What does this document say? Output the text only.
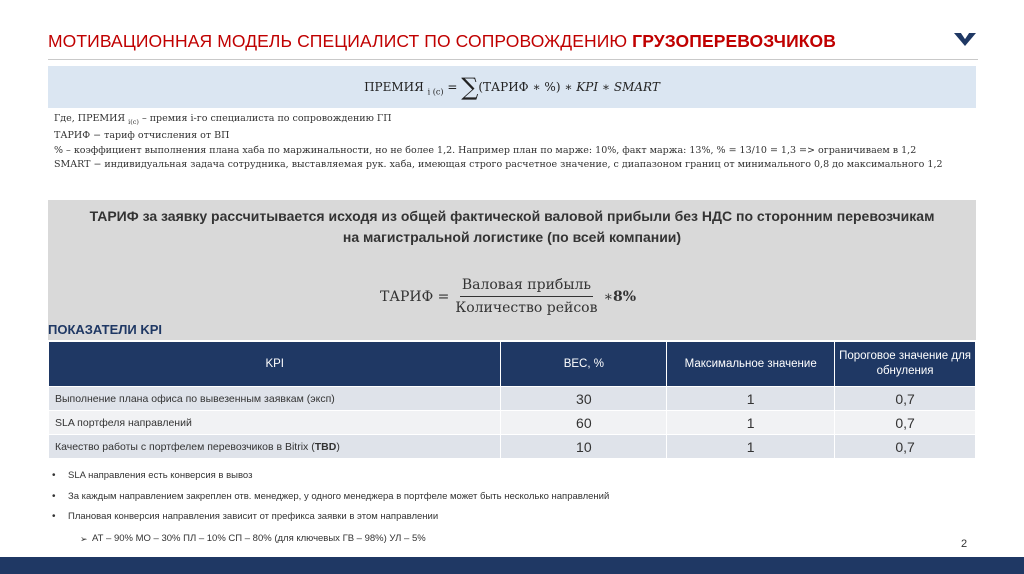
МОТИВАЦИОННАЯ МОДЕЛЬ СПЕЦИАЛИСТ ПО СОПРОВОЖДЕНИЮ ГРУЗОПЕРЕВОЗЧИКОВ
ПРЕМИЯ $_{i (с)}$ = ∑(ТАРИФ ∗ %) ∗ KPI ∗ SMART
Где, ПРЕМИЯ $_{i(с)}$ – премия i-го специалиста по сопровождению ГП
ТАРИФ − тариф отчисления от ВП
% – коэффициент выполнения плана хаба по маржинальности, но не более 1,2. Например план по марже: 10%, факт маржа: 13%, % = 13/10 = 1,3 => ограничиваем в 1,2
SMART − индивидуальная задача сотрудника, выставляемая рук. хаба, имеющая строго расчетное значение, с диапазоном границ от минимального 0,8 до максимального 1,2
ТАРИФ за заявку рассчитывается исходя из общей фактической валовой прибыли без НДС по сторонним перевозчикам
на магистральной логистике (по всей компании)
ТАРИФ = $\frac{\text{Валовая прибыль}}{\text{Количество рейсов}}$ ∗ 8%
ПОКАЗАТЕЛИ KPI
KPI	ВЕС, %	Максимальное значение	Пороговое значение для обнуления
Выполнение плана офиса по вывезенным заявкам (эксп)	30	1	0,7
SLA портфеля направлений	60	1	0,7
Качество работы с портфелем перевозчиков в Bitrix (TBD)	10	1	0,7
• SLA направления есть конверсия в вывоз
• За каждым направлением закреплен отв. менеджер, у одного менеджера в портфеле может быть несколько направлений
• Плановая конверсия направления зависит от префикса заявки в этом направлении
➢ АТ – 90% МО – 30% ПЛ – 10% СП – 80% (для ключевых ГВ – 98%) УЛ – 5%	2
